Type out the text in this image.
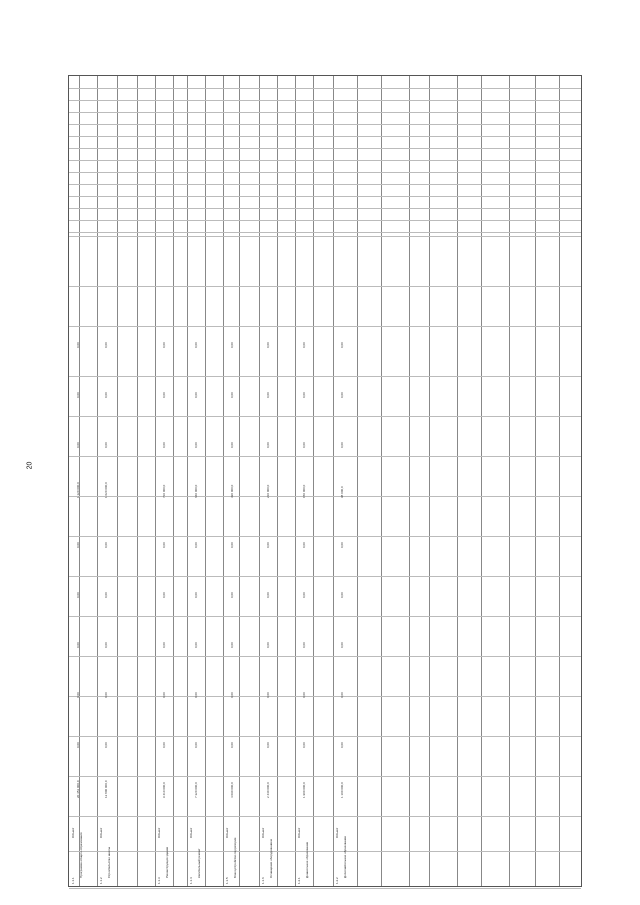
20
1.1.1
Программа общего образования
Объект
20 451 000,0
0,00
0,00
0,00
0,00
0,00
1 120 000,0
0,00
0,00
0,00
1.1.2
Строительство школы
Объект
12 800 000,0
0,00
0,00
0,00
0,00
0,00
1 020 000,0
0,00
0,00
0,00
1.1.3
Реконструкция здания
Объект
9 410 000,0
0,00
0,00
0,00
0,00
0,00
710 000,0
0,00
0,00
0,00
1.1.4
Капитальный ремонт
Объект
7 320 000,0
0,00
0,00
0,00
0,00
0,00
640 000,0
0,00
0,00
0,00
1.1.5
Благоустройство территории
Объект
4 090 000,0
0,00
0,00
0,00
0,00
0,00
390 000,0
0,00
0,00
0,00
1.1.6
Оснащение оборудованием
Объект
2 440 000,0
0,00
0,00
0,00
0,00
0,00
210 000,0
0,00
0,00
0,00
1.2.1
Дошкольное образование
Объект
1 900 000,0
0,00
0,00
0,00
0,00
0,00
150 000,0
0,00
0,00
0,00
1.2.2
Дополнительное образование
Объект
1 100 000,0
0,00
0,00
0,00
0,00
0,00
98 000,0
0,00
0,00
0,00
